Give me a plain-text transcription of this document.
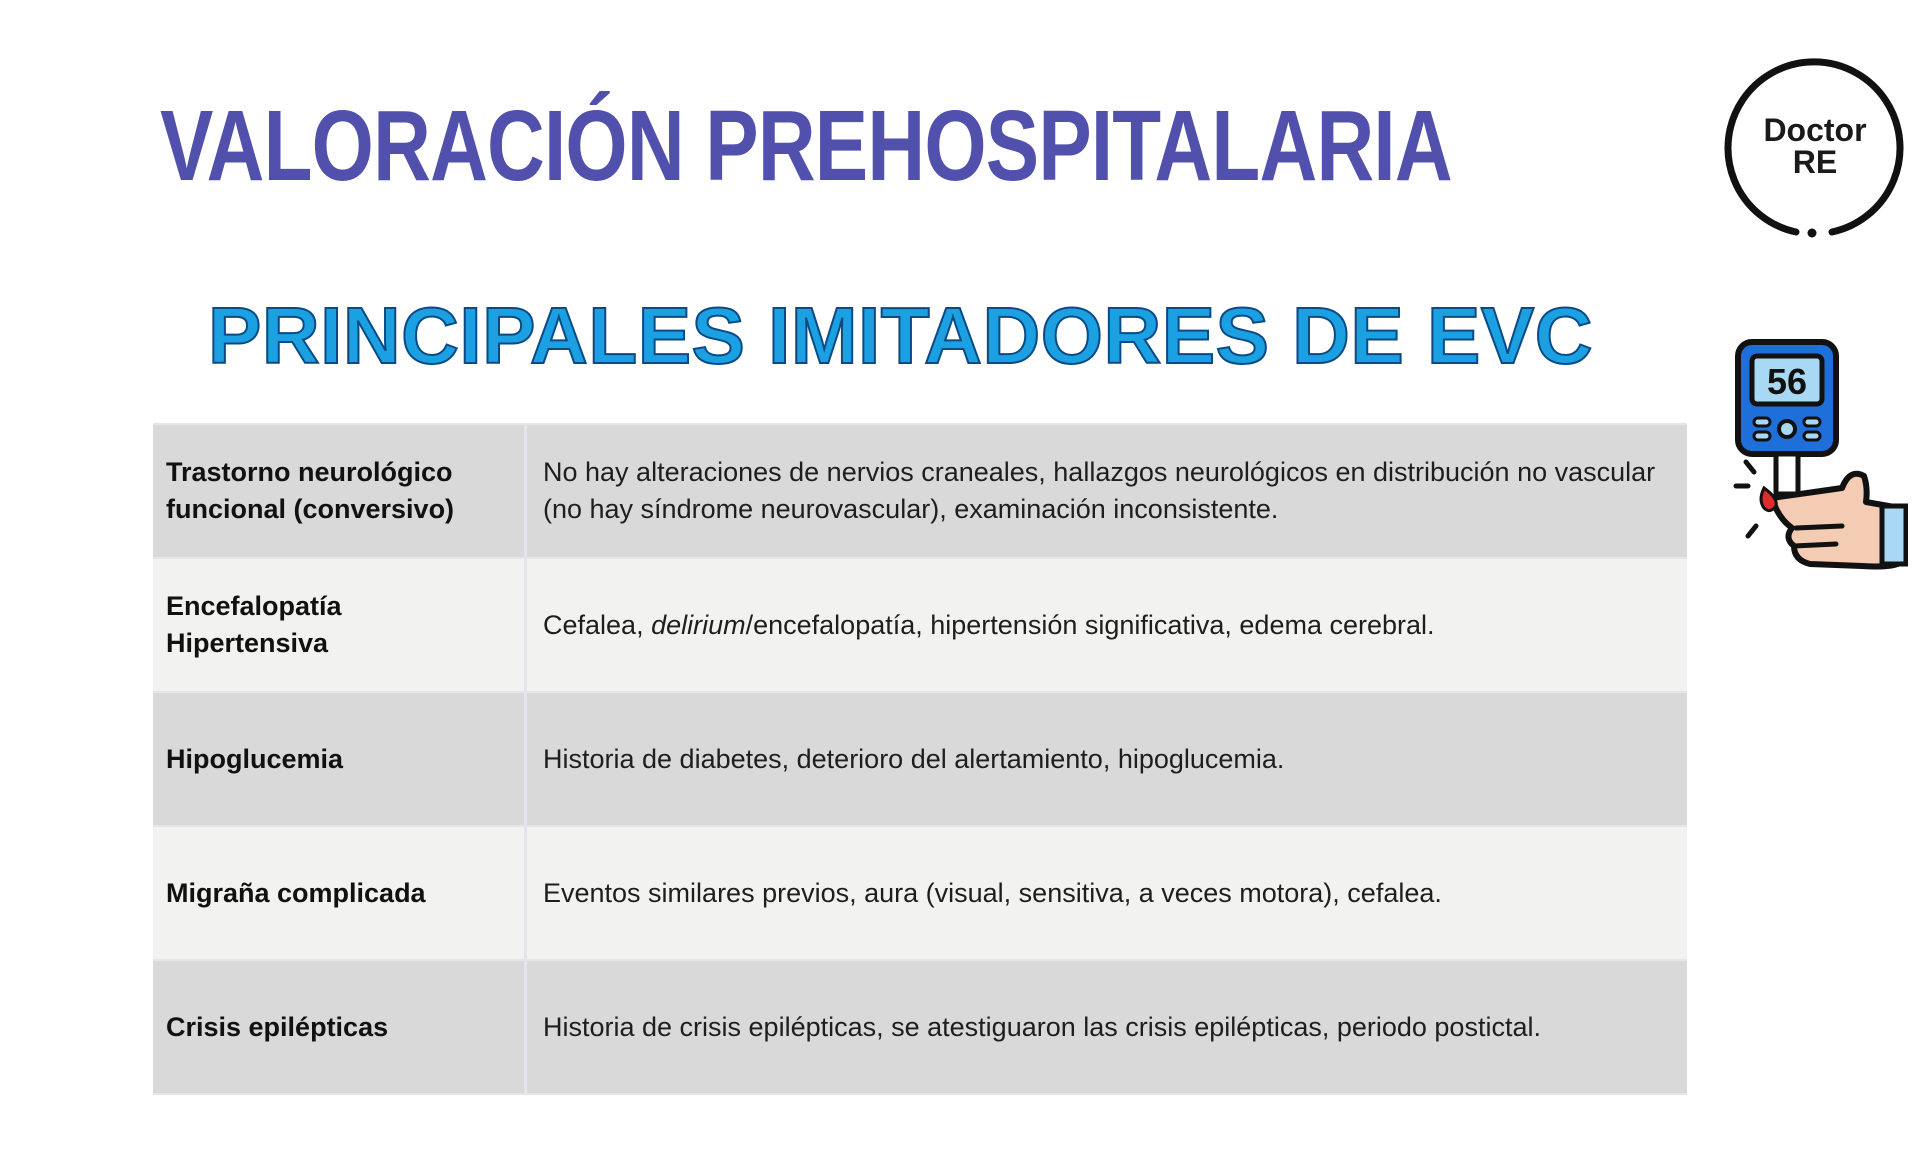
VALORACIÓN PREHOSPITALARIA	Doctor
RE
PRINCIPALES IMITADORES DE EVC
56
Trastorno neurológico funcional (conversivo)	No hay alteraciones de nervios craneales, hallazgos neurológicos en distribución no vascular (no hay síndrome neurovascular), examinación inconsistente.
Encefalopatía Hipertensiva	Cefalea, delirium/encefalopatía, hipertensión significativa, edema cerebral.
Hipoglucemia	Historia de diabetes, deterioro del alertamiento, hipoglucemia.
Migraña complicada	Eventos similares previos, aura (visual, sensitiva, a veces motora), cefalea.
Crisis epilépticas	Historia de crisis epilépticas, se atestiguaron las crisis epilépticas, periodo postictal.
